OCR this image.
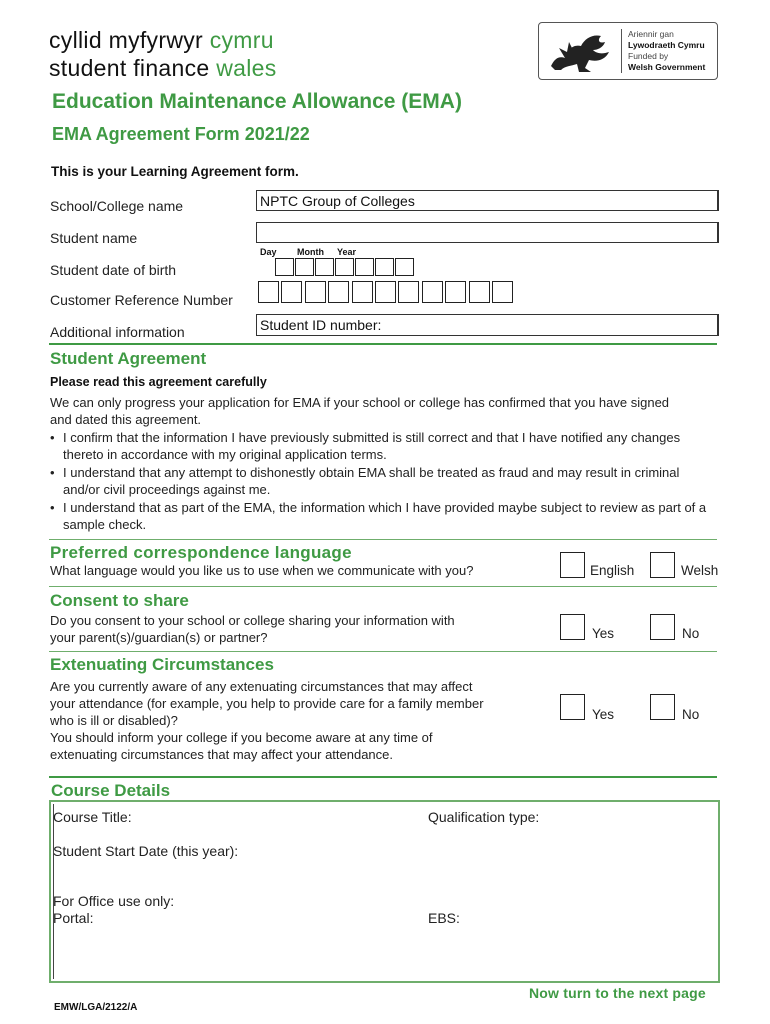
cyllid myfyrwyr cymru
student finance wales
Ariennir gan
Lywodraeth Cymru
Funded by
Welsh Government
Education Maintenance Allowance (EMA)
EMA Agreement Form 2021/22
This is your Learning Agreement form.
School/College name	NPTC Group of Colleges
Student name
Student date of birth
Day Month Year
Customer Reference Number
Additional information	Student ID number:
Student Agreement
Please read this agreement carefully
We can only progress your application for EMA if your school or college has confirmed that you have signed and dated this agreement.
• I confirm that the information I have previously submitted is still correct and that I have notified any changes thereto in accordance with my original application terms.
• I understand that any attempt to dishonestly obtain EMA shall be treated as fraud and may result in criminal and/or civil proceedings against me.
• I understand that as part of the EMA, the information which I have provided maybe subject to review as part of a sample check.
Preferred correspondence language
What language would you like us to use when we communicate with you?	English	Welsh
Consent to share
Do you consent to your school or college sharing your information with
your parent(s)/guardian(s) or partner?	Yes	No
Extenuating Circumstances
Are you currently aware of any extenuating circumstances that may affect
your attendance (for example, you help to provide care for a family member
who is ill or disabled)?
You should inform your college if you become aware at any time of
extenuating circumstances that may affect your attendance.
Yes	No
Course Details
Course Title:	Qualification type:
Student Start Date (this year):
For Office use only:
Portal:	EBS:
Now turn to the next page
EMW/LGA/2122/A
